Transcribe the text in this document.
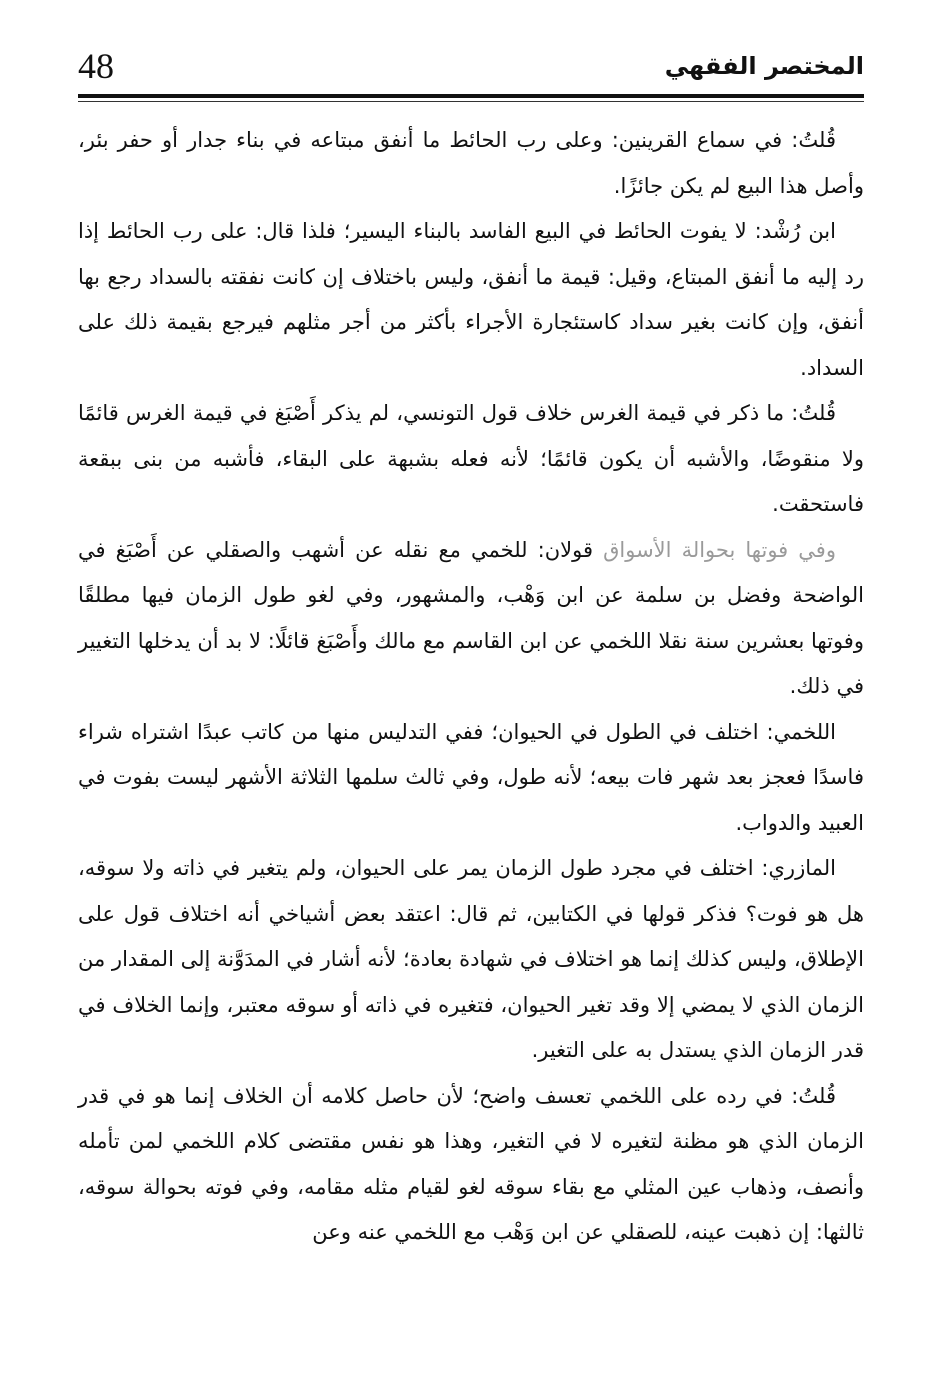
48	المختصر الفقهي

قُلتُ: في سماع القرينين: وعلى رب الحائط ما أنفق مبتاعه في بناء جدار أو حفر بئر، وأصل هذا البيع لم يكن جائزًا.

ابن رُشْد: لا يفوت الحائط في البيع الفاسد بالبناء اليسير؛ فلذا قال: على رب الحائط إذا رد إليه ما أنفق المبتاع، وقيل: قيمة ما أنفق، وليس باختلاف إن كانت نفقته بالسداد رجع بها أنفق، وإن كانت بغير سداد كاستئجارة الأجراء بأكثر من أجر مثلهم فيرجع بقيمة ذلك على السداد.

قُلتُ: ما ذكر في قيمة الغرس خلاف قول التونسي، لم يذكر أَصْبَغ في قيمة الغرس قائمًا ولا منقوضًا، والأشبه أن يكون قائمًا؛ لأنه فعله بشبهة على البقاء، فأشبه من بنى ببقعة فاستحقت.

وفي فوتها بحوالة الأسواق قولان: للخمي مع نقله عن أشهب والصقلي عن أَصْبَغ في الواضحة وفضل بن سلمة عن ابن وَهْب، والمشهور، وفي لغو طول الزمان فيها مطلقًا وفوتها بعشرين سنة نقلا اللخمي عن ابن القاسم مع مالك وأَصْبَغ قائلًا: لا بد أن يدخلها التغيير في ذلك.

اللخمي: اختلف في الطول في الحيوان؛ ففي التدليس منها من كاتب عبدًا اشتراه شراء فاسدًا فعجز بعد شهر فات بيعه؛ لأنه طول، وفي ثالث سلمها الثلاثة الأشهر ليست بفوت في العبيد والدواب.

المازري: اختلف في مجرد طول الزمان يمر على الحيوان، ولم يتغير في ذاته ولا سوقه، هل هو فوت؟ فذكر قولها في الكتابين، ثم قال: اعتقد بعض أشياخي أنه اختلاف قول على الإطلاق، وليس كذلك إنما هو اختلاف في شهادة بعادة؛ لأنه أشار في المدَوَّنة إلى المقدار من الزمان الذي لا يمضي إلا وقد تغير الحيوان، فتغيره في ذاته أو سوقه معتبر، وإنما الخلاف في قدر الزمان الذي يستدل به على التغير.

قُلتُ: في رده على اللخمي تعسف واضح؛ لأن حاصل كلامه أن الخلاف إنما هو في قدر الزمان الذي هو مظنة لتغيره لا في التغير، وهذا هو نفس مقتضى كلام اللخمي لمن تأمله وأنصف، وذهاب عين المثلي مع بقاء سوقه لغو لقيام مثله مقامه، وفي فوته بحوالة سوقه، ثالثها: إن ذهبت عينه، للصقلي عن ابن وَهْب مع اللخمي عنه وعن
